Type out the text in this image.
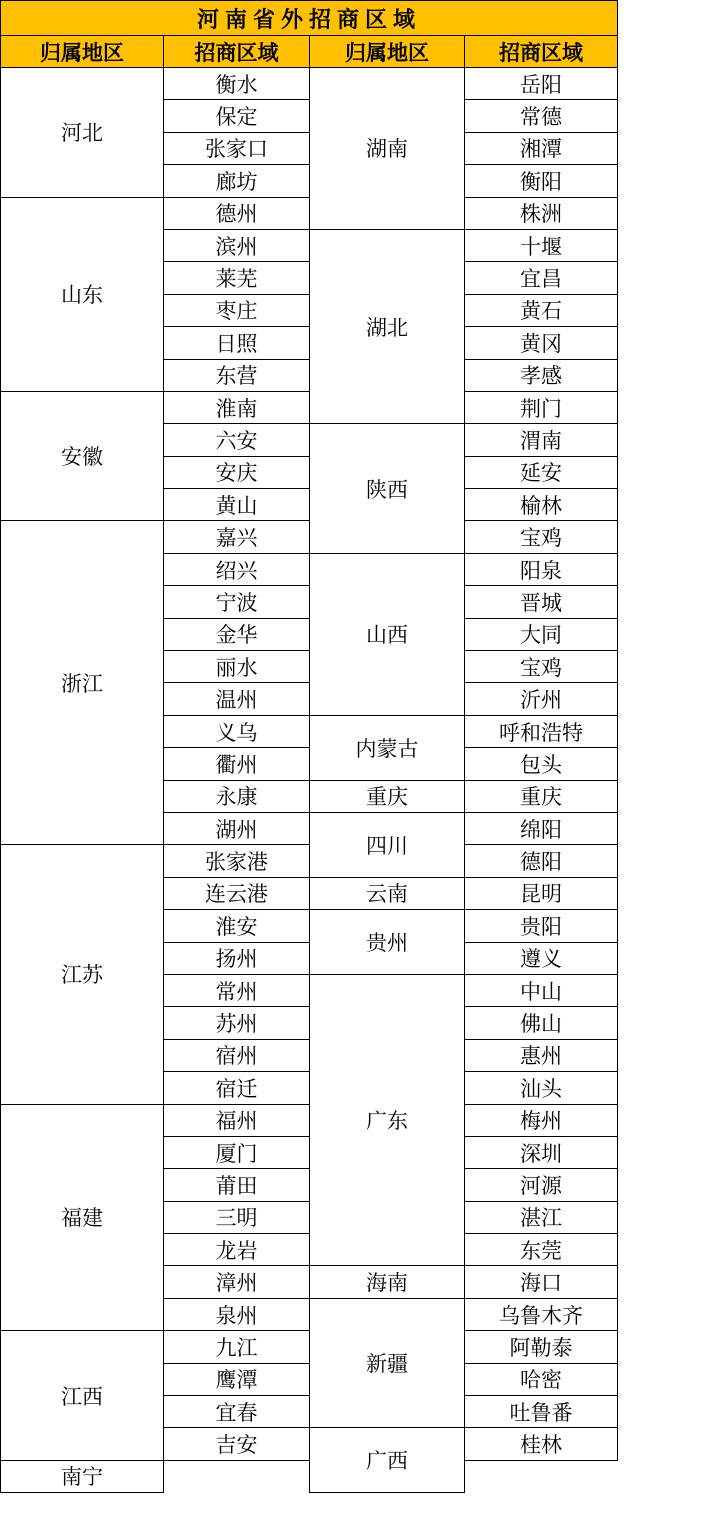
河南省外招商区域			
归属地区	招商区域	归属地区	招商区域
河北	衡水	湖南	岳阳
	保定		常德
	张家口		湘潭
	廊坊		衡阳
山东	德州		株洲
	滨州	湖北	十堰
	莱芜		宜昌
	枣庄		黄石
	日照		黄冈
	东营		孝感
安徽	淮南		荆门
	六安	陕西	渭南
	安庆		延安
	黄山		榆林
浙江	嘉兴		宝鸡
	绍兴	山西	阳泉
	宁波		晋城
	金华		大同
	丽水		宝鸡
	温州		沂州
	义乌	内蒙古	呼和浩特
	衢州		包头
	永康	重庆	重庆
	湖州	四川	绵阳
江苏	张家港		德阳
	连云港	云南	昆明
	淮安	贵州	贵阳
	扬州		遵义
	常州	广东	中山
	苏州		佛山
	宿州		惠州
	宿迁		汕头
福建	福州		梅州
	厦门		深圳
	莆田		河源
	三明		湛江
	龙岩		东莞
	漳州	海南	海口
	泉州	新疆	乌鲁木齐
江西	九江		阿勒泰
	鹰潭		哈密
	宜春		吐鲁番
	吉安	广西	桂林
南宁			
